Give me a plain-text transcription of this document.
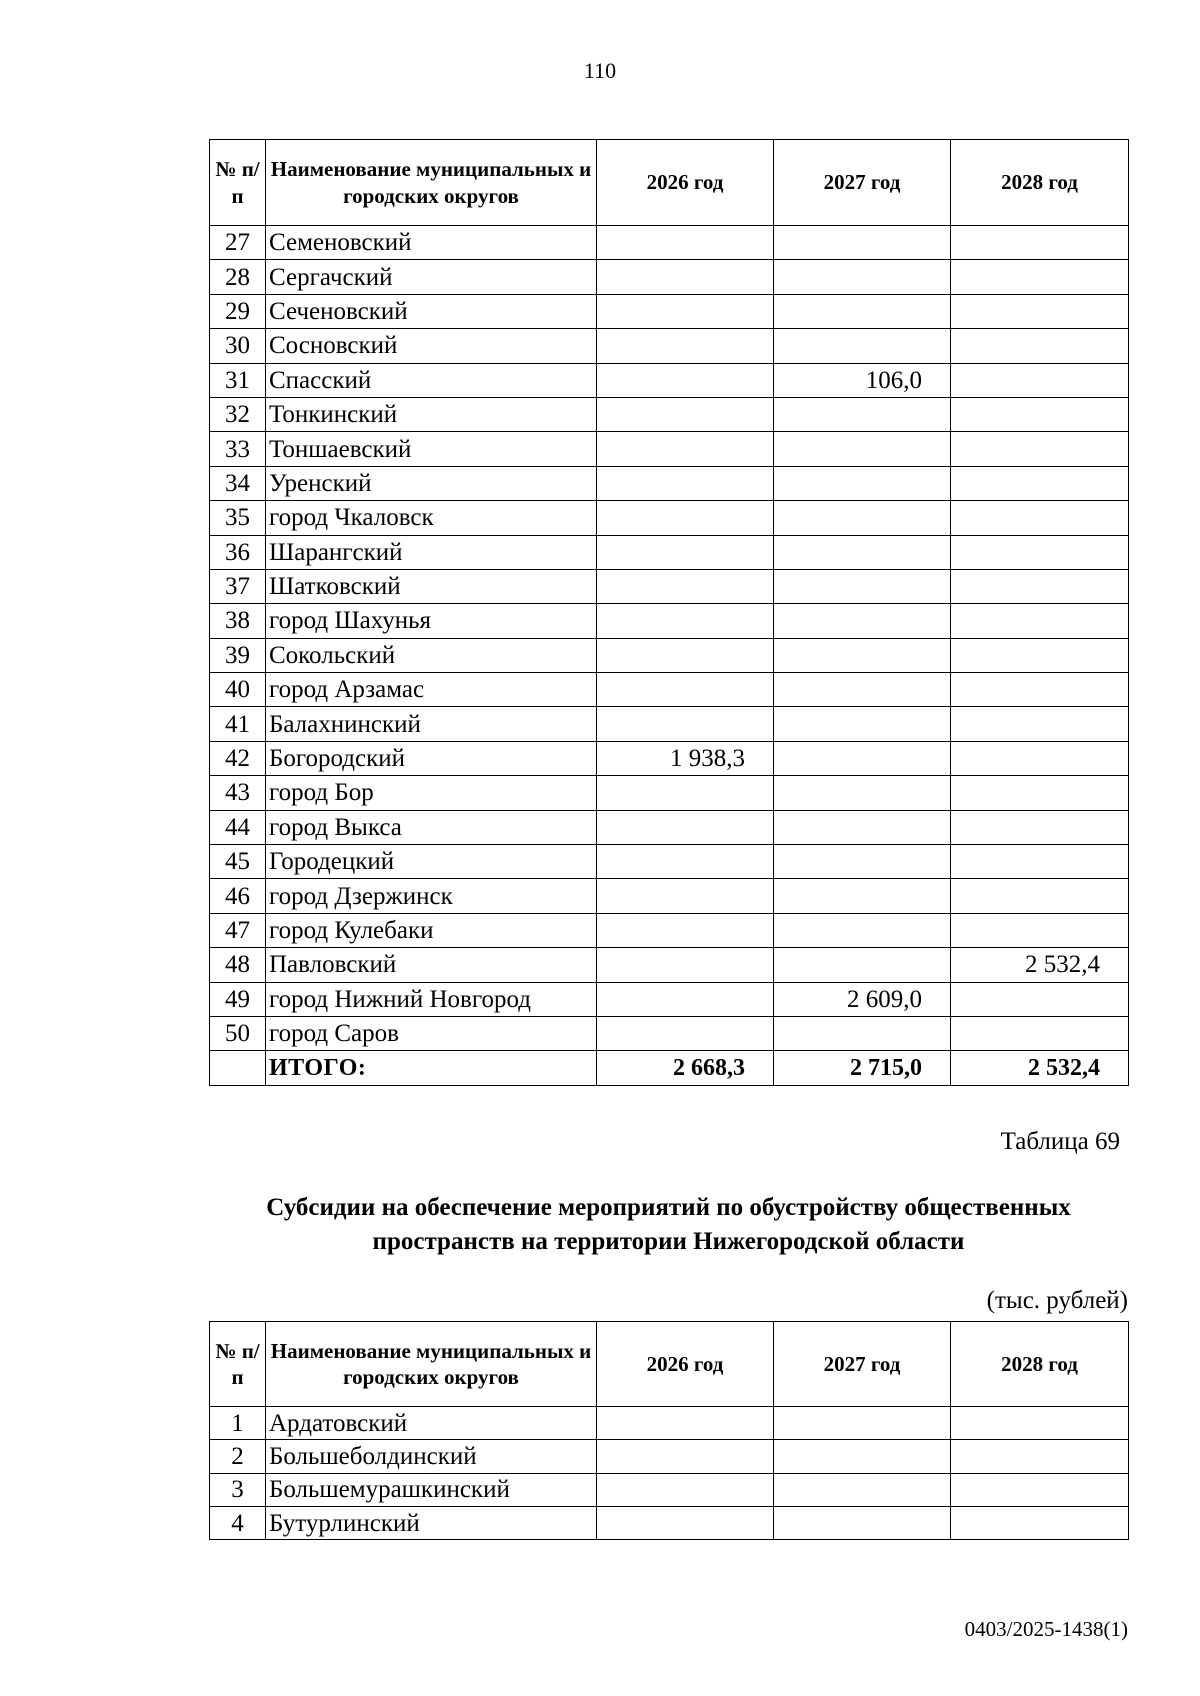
110
№ п/п	Наименование муниципальных и городских округов	2026 год	2027 год	2028 год
27	Семеновский			
28	Сергачский			
29	Сеченовский			
30	Сосновский			
31	Спасский		106,0	
32	Тонкинский			
33	Тоншаевский			
34	Уренский			
35	город Чкаловск			
36	Шарангский			
37	Шатковский			
38	город Шахунья			
39	Сокольский			
40	город Арзамас			
41	Балахнинский			
42	Богородский	1 938,3		
43	город Бор			
44	город Выкса			
45	Городецкий			
46	город Дзержинск			
47	город Кулебаки			
48	Павловский			2 532,4
49	город Нижний Новгород		2 609,0	
50	город Саров			
	ИТОГО:	2 668,3	2 715,0	2 532,4
Таблица 69
Субсидии на обеспечение мероприятий по обустройству общественных пространств на территории Нижегородской области
(тыс. рублей)
№ п/п	Наименование муниципальных и городских округов	2026 год	2027 год	2028 год
1	Ардатовский			
2	Большеболдинский			
3	Большемурашкинский			
4	Бутурлинский			
0403/2025-1438(1)
